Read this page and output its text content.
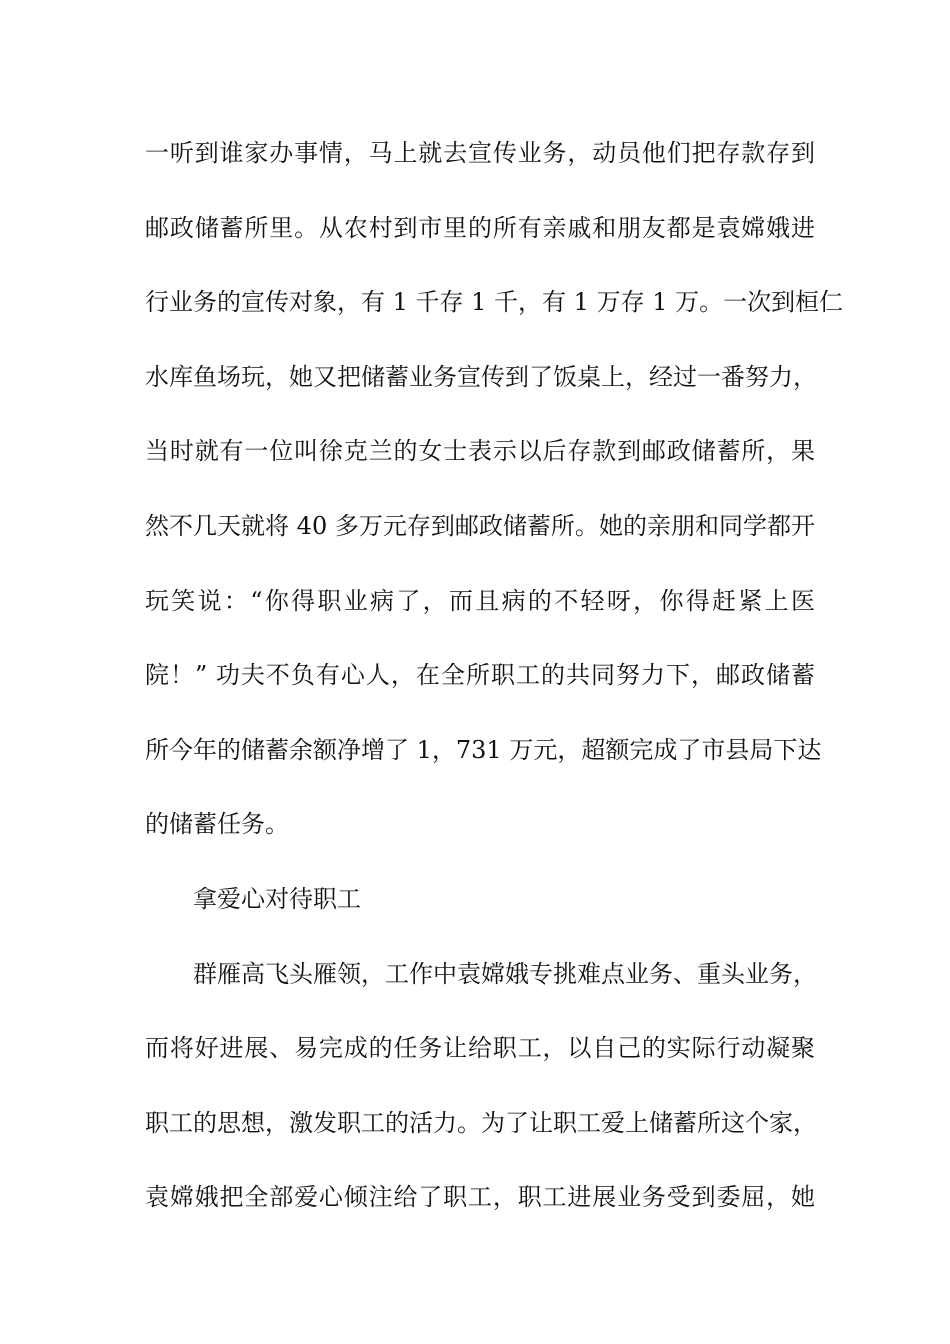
一听到谁家办事情，马上就去宣传业务，动员他们把存款存到
邮政储蓄所里。从农村到市里的所有亲戚和朋友都是袁嫦娥进
行业务的宣传对象，有 1 千存 1 千，有 1 万存 1 万。一次到桓仁
水库鱼场玩，她又把储蓄业务宣传到了饭桌上，经过一番努力，
当时就有一位叫徐克兰的女士表示以后存款到邮政储蓄所，果
然不几天就将 40 多万元存到邮政储蓄所。她的亲朋和同学都开
玩笑说：“你得职业病了，而且病的不轻呀，你得赶紧上医
院！” 功夫不负有心人，在全所职工的共同努力下，邮政储蓄
所今年的储蓄余额净增了 1，731 万元，超额完成了市县局下达
的储蓄任务。
拿爱心对待职工
群雁高飞头雁领，工作中袁嫦娥专挑难点业务、重头业务，
而将好进展、易完成的任务让给职工，以自己的实际行动凝聚
职工的思想，激发职工的活力。为了让职工爱上储蓄所这个家，
袁嫦娥把全部爱心倾注给了职工，职工进展业务受到委屈，她
